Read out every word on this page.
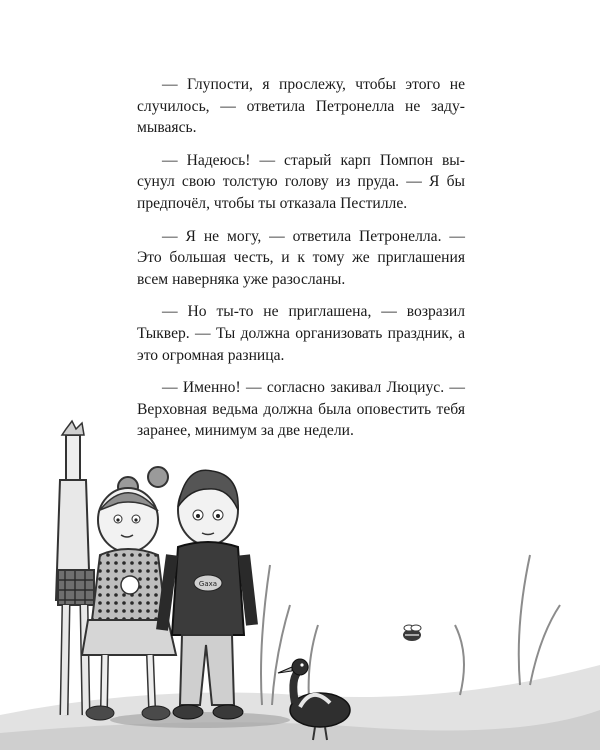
— Глупости, я прослежу, чтобы этого не случилось, — ответила Петронелла не задумываясь.

— Надеюсь! — старый карп Помпон высунул свою толстую голову из пруда. — Я бы предпочёл, чтобы ты отказала Пестилле.

— Я не могу, — ответила Петронелла. — Это большая честь, и к тому же приглашения всем наверняка уже разосланы.

— Но ты-то не приглашена, — возразил Тыквер. — Ты должна организовать праздник, а это огромная разница.

— Именно! — согласно закивал Люциус. — Верховная ведьма должна была оповестить тебя заранее, минимум за две недели.

Gaxa
